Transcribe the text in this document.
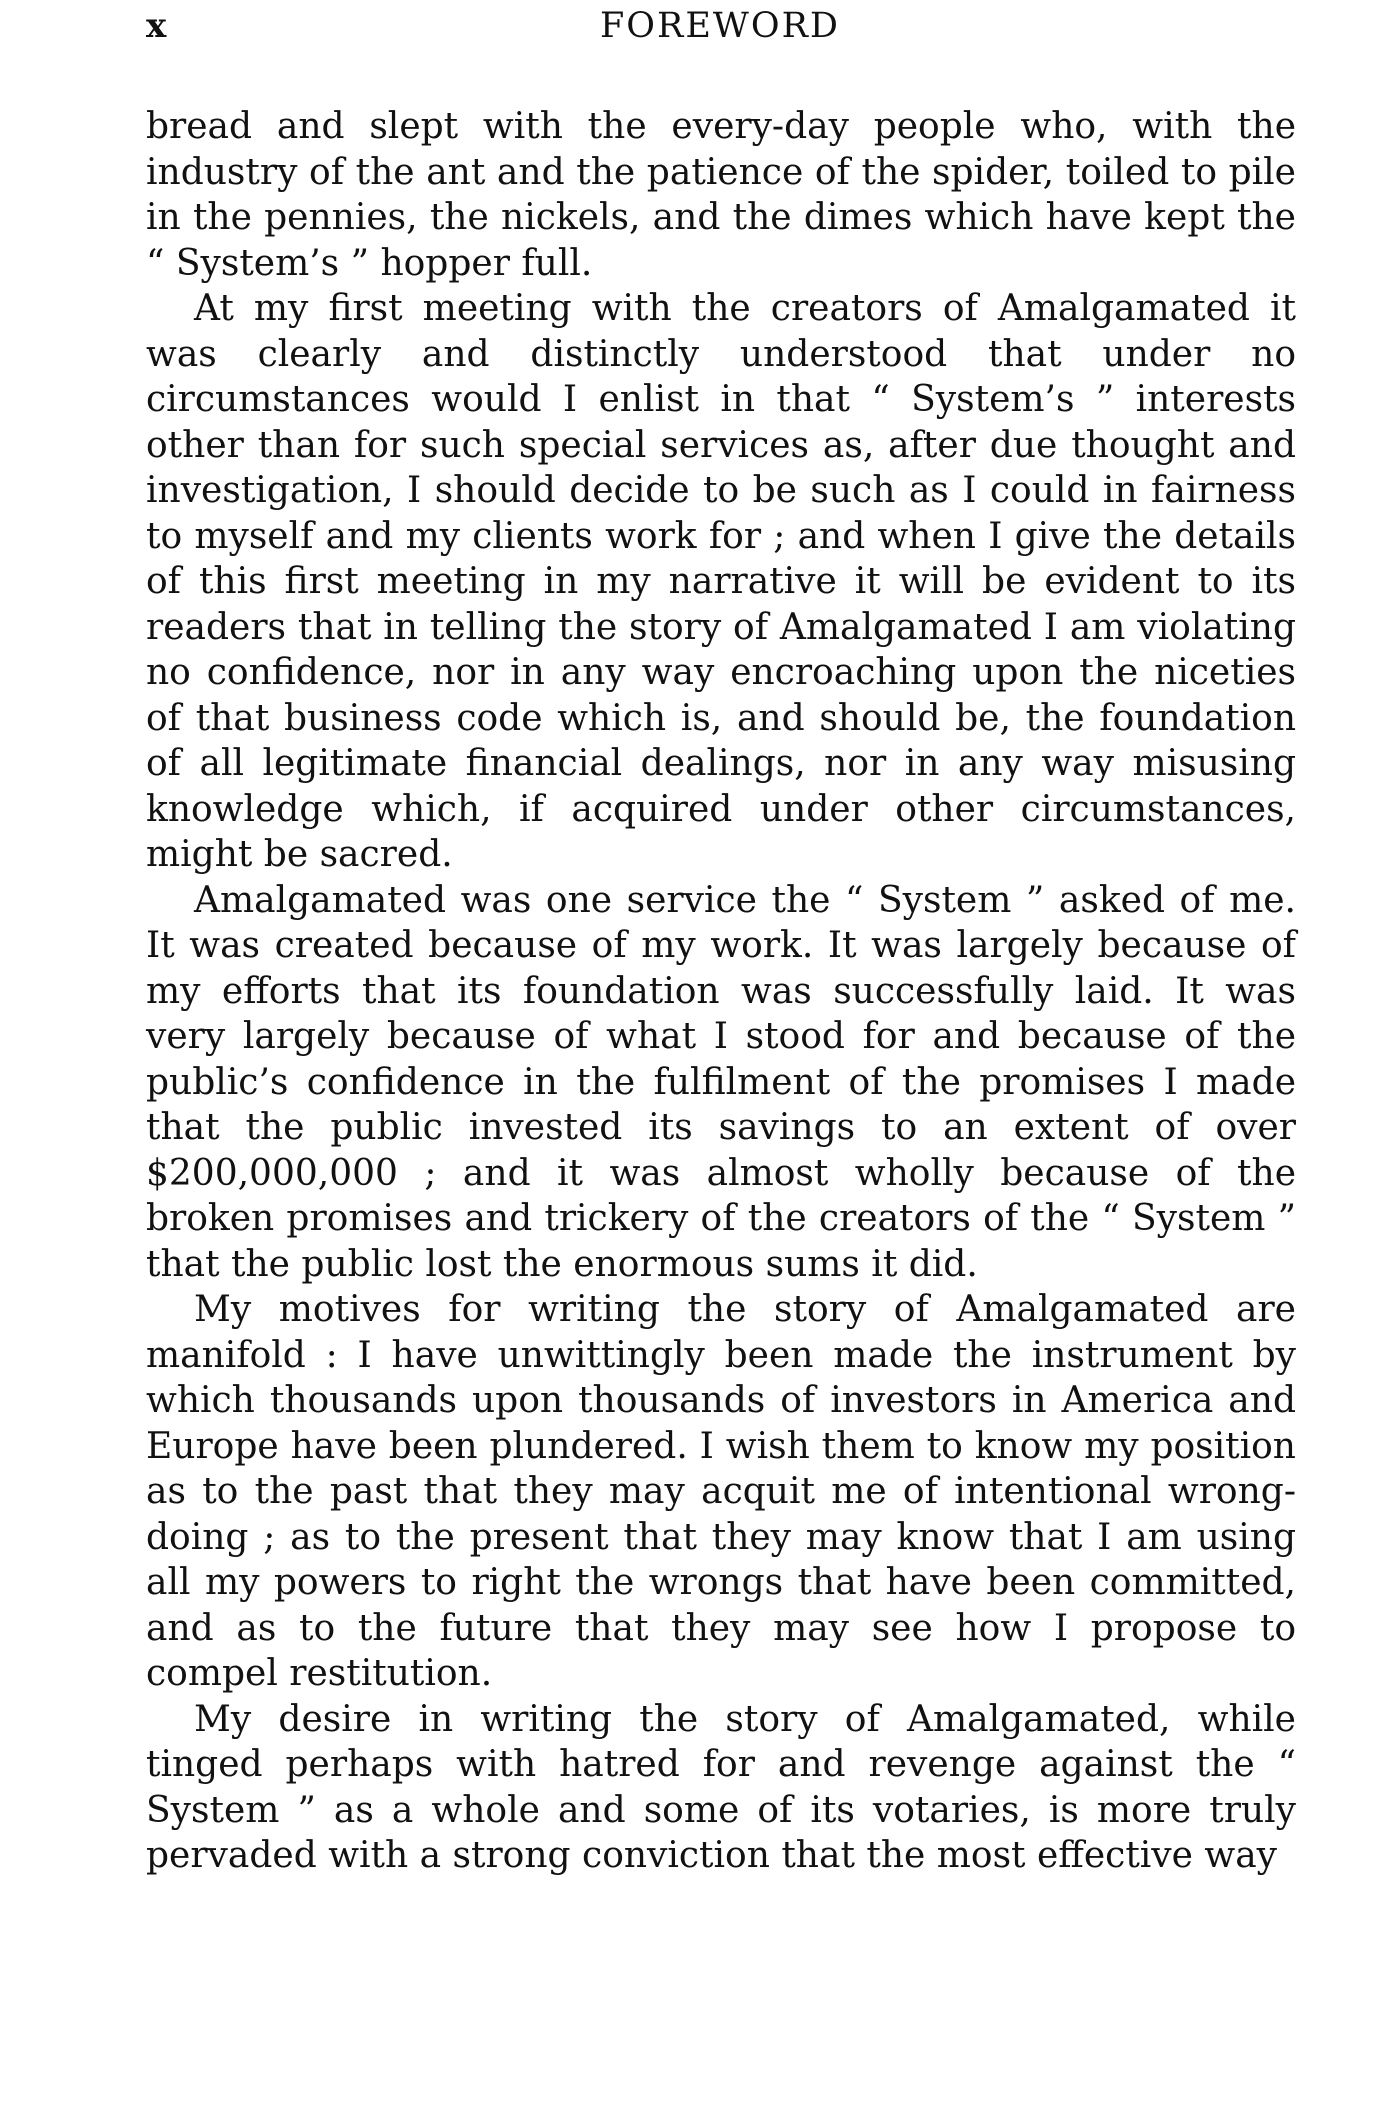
x	FOREWORD

bread and slept with the every-day people who, with the industry of the ant and the patience of the spider, toiled to pile in the pennies, the nickels, and the dimes which have kept the “ System’s ” hopper full.

At my first meeting with the creators of Amalgamated it was clearly and distinctly understood that under no circumstances would I enlist in that “ System’s ” interests other than for such special services as, after due thought and investigation, I should decide to be such as I could in fairness to myself and my clients work for ; and when I give the details of this first meeting in my narrative it will be evident to its readers that in telling the story of Amalgamated I am violating no confidence, nor in any way encroaching upon the niceties of that business code which is, and should be, the foundation of all legitimate financial dealings, nor in any way misusing knowledge which, if acquired under other circumstances, might be sacred.

Amalgamated was one service the “ System ” asked of me. It was created because of my work. It was largely because of my efforts that its foundation was successfully laid. It was very largely because of what I stood for and because of the public’s confidence in the fulfilment of the promises I made that the public invested its savings to an extent of over $200,000,000 ; and it was almost wholly because of the broken promises and trickery of the creators of the “ System ” that the public lost the enormous sums it did.

My motives for writing the story of Amalgamated are manifold : I have unwittingly been made the instrument by which thousands upon thousands of investors in America and Europe have been plundered. I wish them to know my position as to the past that they may acquit me of intentional wrong-doing ; as to the present that they may know that I am using all my powers to right the wrongs that have been committed, and as to the future that they may see how I propose to compel restitution.

My desire in writing the story of Amalgamated, while tinged perhaps with hatred for and revenge against the “ System ” as a whole and some of its votaries, is more truly pervaded with a strong conviction that the most effective way
